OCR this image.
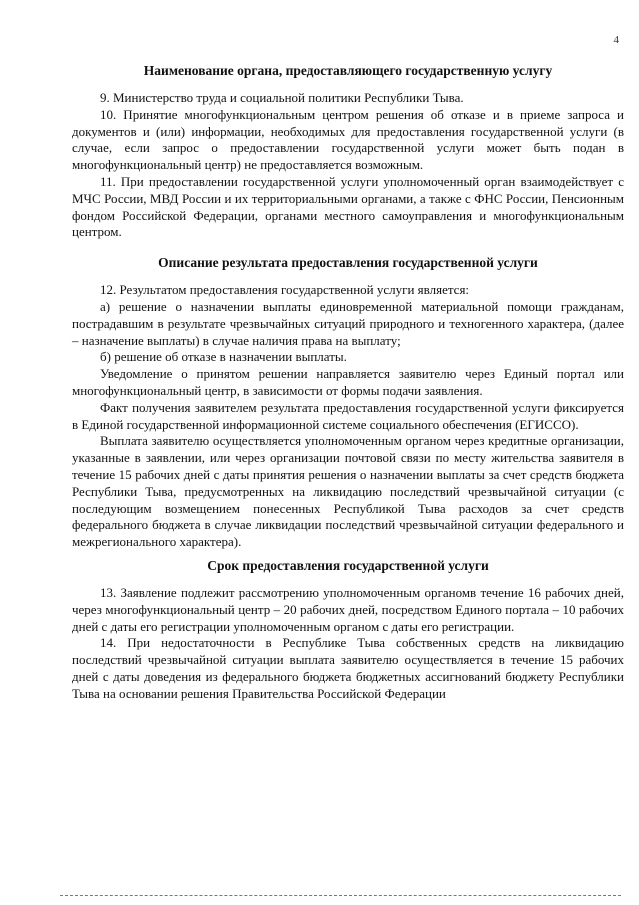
4
Наименование органа, предоставляющего государственную услугу

9. Министерство труда и социальной политики Республики Тыва.

10. Принятие многофункциональным центром решения об отказе и в приеме запроса и документов и (или) информации, необходимых для предоставления государственной услуги (в случае, если запрос о предоставлении государственной услуги может быть подан в многофункциональный центр) не предоставляется возможным.

11. При предоставлении государственной услуги уполномоченный орган взаимодействует с МЧС России, МВД России и их территориальными органами, а также с ФНС России, Пенсионным фондом Российской Федерации, органами местного самоуправления и многофункциональным центром.

Описание результата предоставления государственной услуги

12. Результатом предоставления государственной услуги является:

а) решение о назначении выплаты единовременной материальной помощи гражданам, пострадавшим в результате чрезвычайных ситуаций природного и техногенного характера, (далее – назначение выплаты) в случае наличия права на выплату;

б) решение об отказе в назначении выплаты.

Уведомление о принятом решении направляется заявителю через Единый портал или многофункциональный центр, в зависимости от формы подачи заявления.

Факт получения заявителем результата предоставления государственной услуги фиксируется в Единой государственной информационной системе социального обеспечения (ЕГИССО).

Выплата заявителю осуществляется уполномоченным органом через кредитные организации, указанные в заявлении, или через организации почтовой связи по месту жительства заявителя в течение 15 рабочих дней с даты принятия решения о назначении выплаты за счет средств бюджета Республики Тыва, предусмотренных на ликвидацию последствий чрезвычайной ситуации (с последующим возмещением понесенных Республикой Тыва расходов за счет средств федерального бюджета в случае ликвидации последствий чрезвычайной ситуации федерального и межрегионального характера).

Срок предоставления государственной услуги

13. Заявление подлежит рассмотрению уполномоченным органомв течение 16 рабочих дней, через многофункциональный центр – 20 рабочих дней, посредством Единого портала – 10 рабочих дней с даты его регистрации уполномоченным органом с даты его регистрации.

14. При недостаточности в Республике Тыва собственных средств на ликвидацию последствий чрезвычайной ситуации выплата заявителю осуществляется в течение 15 рабочих дней с даты доведения из федерального бюджета бюджетных ассигнований бюджету Республики Тыва на основании решения Правительства Российской Федерации
